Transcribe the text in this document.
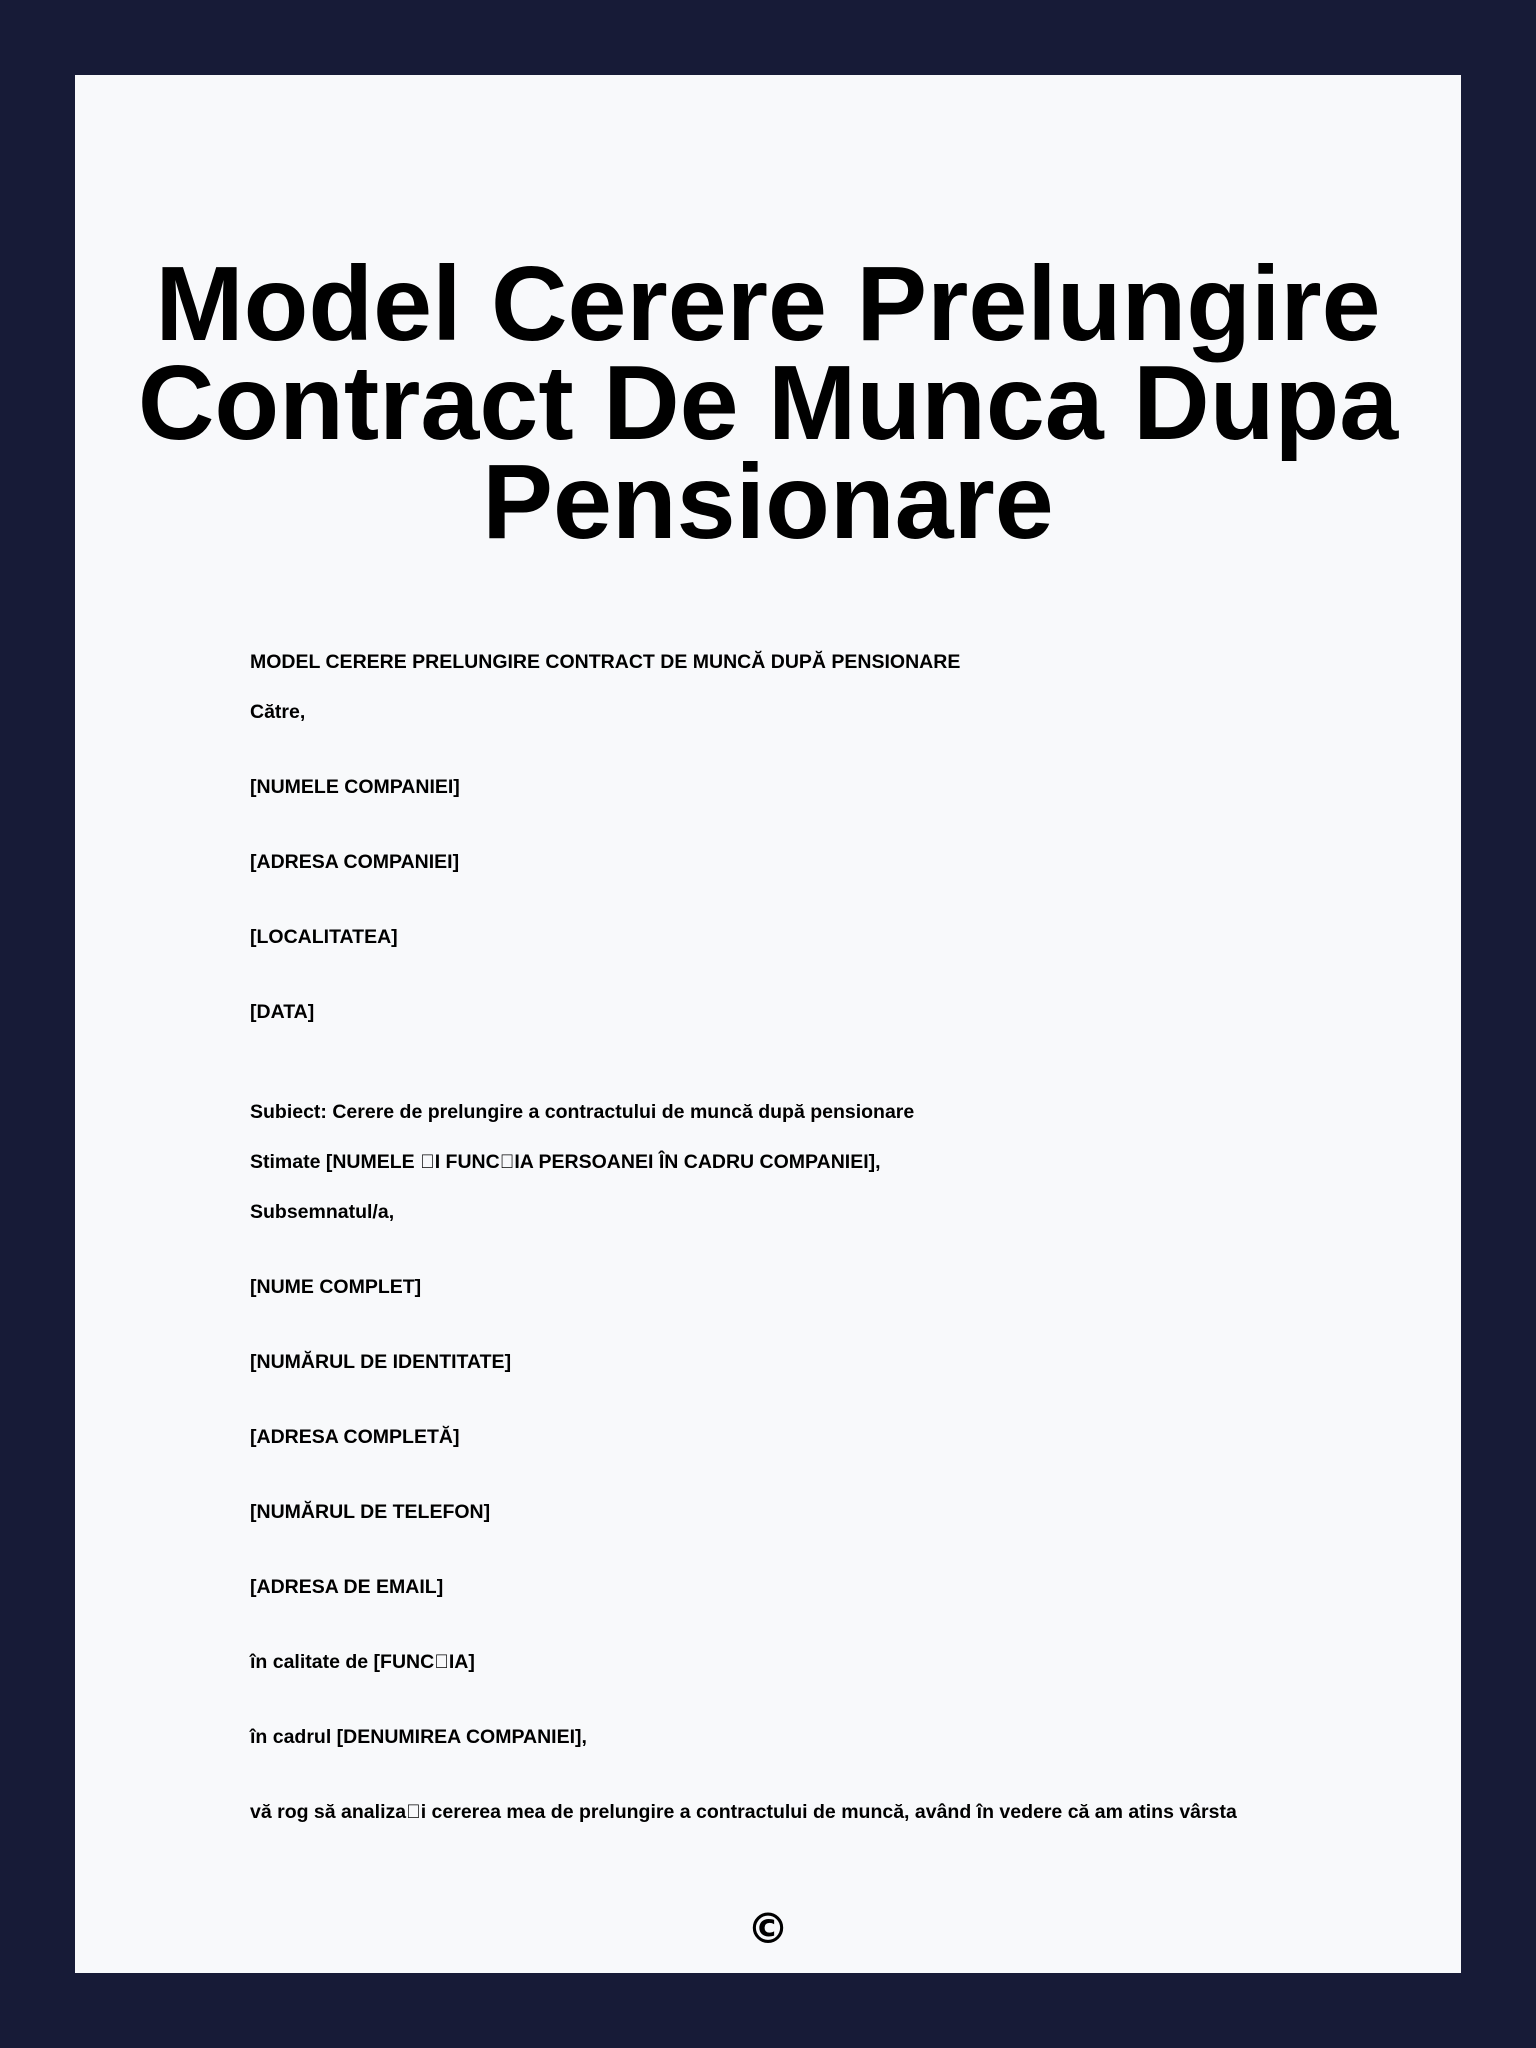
Model Cerere Prelungire Contract De Munca Dupa Pensionare
MODEL CERERE PRELUNGIRE CONTRACT DE MUNCĂ DUPĂ PENSIONARE
Către,
[NUMELE COMPANIEI]
[ADRESA COMPANIEI]
[LOCALITATEA]
[DATA]
Subiect: Cerere de prelungire a contractului de muncă după pensionare
Stimate [NUMELE  I FUNC IA PERSOANEI ÎN CADRU COMPANIEI],
Subsemnatul/a,
[NUME COMPLET]
[NUMĂRUL DE IDENTITATE]
[ADRESA COMPLETĂ]
[NUMĂRUL DE TELEFON]
[ADRESA DE EMAIL]
în calitate de [FUNC IA]
în cadrul [DENUMIREA COMPANIEI],
vă rog să analiza i cererea mea de prelungire a contractului de muncă, având în vedere că am atins vârsta
©
